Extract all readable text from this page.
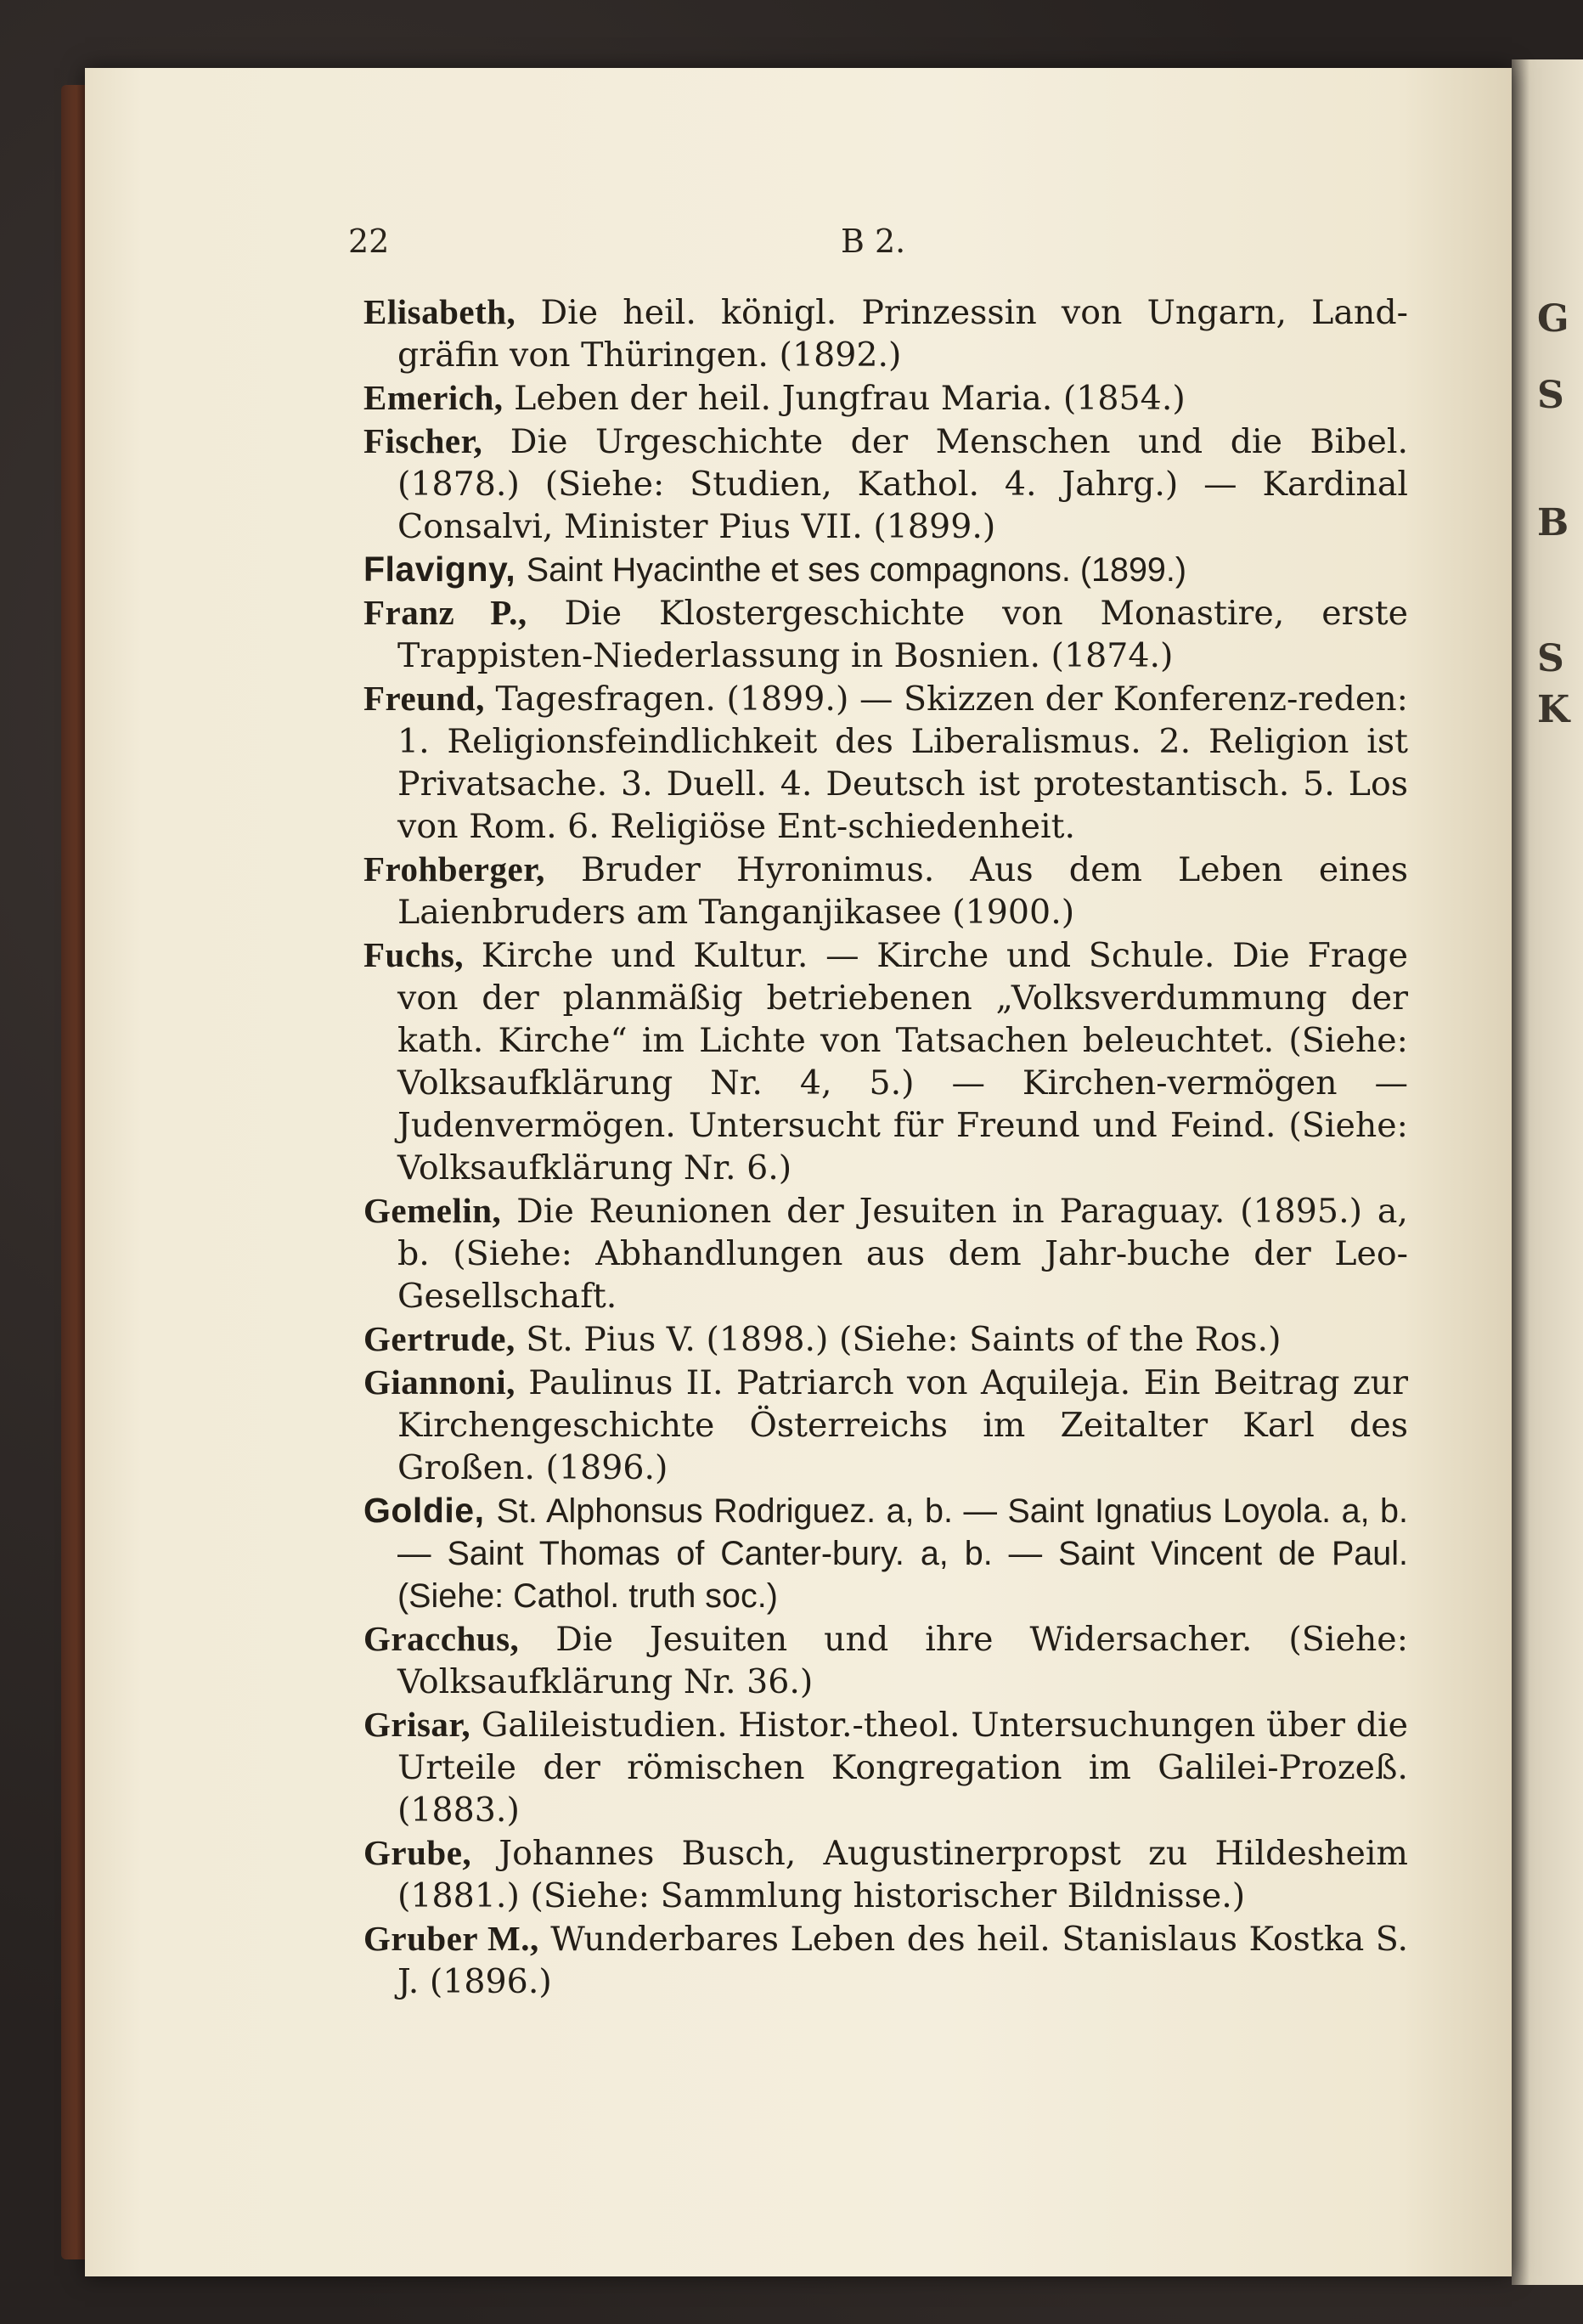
G
S
B
S
K
22	B 2.

Elisabeth, Die heil. königl. Prinzessin von Ungarn, Land-gräfin von Thüringen. (1892.)

Emerich, Leben der heil. Jungfrau Maria. (1854.)

Fischer, Die Urgeschichte der Menschen und die Bibel. (1878.) (Siehe: Studien, Kathol. 4. Jahrg.) — Kardinal Consalvi, Minister Pius VII. (1899.)

Flavigny, Saint Hyacinthe et ses compagnons. (1899.)

Franz P., Die Klostergeschichte von Monastire, erste Trappisten-Niederlassung in Bosnien. (1874.)

Freund, Tagesfragen. (1899.) — Skizzen der Konferenz-reden: 1. Religionsfeindlichkeit des Liberalismus. 2. Religion ist Privatsache. 3. Duell. 4. Deutsch ist protestantisch. 5. Los von Rom. 6. Religiöse Ent-schiedenheit.

Frohberger, Bruder Hyronimus. Aus dem Leben eines Laienbruders am Tanganjikasee (1900.)

Fuchs, Kirche und Kultur. — Kirche und Schule. Die Frage von der planmäßig betriebenen „Volksverdummung der kath. Kirche“ im Lichte von Tatsachen beleuchtet. (Siehe: Volksaufklärung Nr. 4, 5.) — Kirchen-vermögen — Judenvermögen. Untersucht für Freund und Feind. (Siehe: Volksaufklärung Nr. 6.)

Gemelin, Die Reunionen der Jesuiten in Paraguay. (1895.) a, b. (Siehe: Abhandlungen aus dem Jahr-buche der Leo-Gesellschaft.

Gertrude, St. Pius V. (1898.) (Siehe: Saints of the Ros.)

Giannoni, Paulinus II. Patriarch von Aquileja. Ein Beitrag zur Kirchengeschichte Österreichs im Zeitalter Karl des Großen. (1896.)

Goldie, St. Alphonsus Rodriguez. a, b. — Saint Ignatius Loyola. a, b. — Saint Thomas of Canter-bury. a, b. — Saint Vincent de Paul. (Siehe: Cathol. truth soc.)

Gracchus, Die Jesuiten und ihre Widersacher. (Siehe: Volksaufklärung Nr. 36.)

Grisar, Galileistudien. Histor.-theol. Untersuchungen über die Urteile der römischen Kongregation im Galilei-Prozeß. (1883.)

Grube, Johannes Busch, Augustinerpropst zu Hildesheim (1881.) (Siehe: Sammlung historischer Bildnisse.)

Gruber M., Wunderbares Leben des heil. Stanislaus Kostka S. J. (1896.)
